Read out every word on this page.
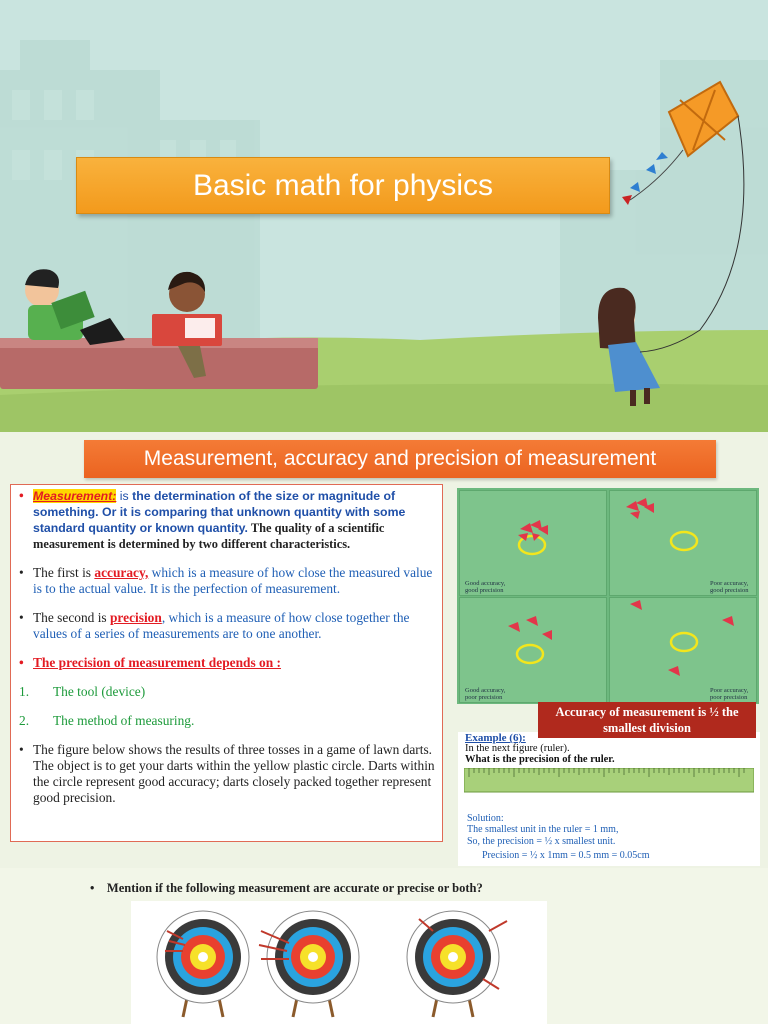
Basic math for physics
Measurement, accuracy and precision of measurement

• Measurement: is the determination of the size or magnitude of something. Or it is comparing that unknown quantity with some standard quantity or known quantity. The quality of a scientific measurement is determined by two different characteristics.

• The first is accuracy, which is a measure of how close the measured value is to the actual value. It is the perfection of measurement.

• The second is precision, which is a measure of how close together the values of a series of measurements are to one another.

• The precision of measurement depends on :

1.	The tool (device)

2.	The method of measuring.

• The figure below shows the results of three tosses in a game of lawn darts. The object is to get your darts within the yellow plastic circle. Darts within the circle represent good accuracy; darts closely packed together represent good precision.

Good accuracy,
good precision
Poor accuracy,
good precision
Good accuracy,
poor precision
Poor accuracy,
poor precision
Example (6):
In the next figure (ruler).
What is the precision of the ruler.
Solution:
The smallest unit in the ruler = 1 mm,
So, the precision = ½ x smallest unit.
Precision = ½ x 1mm = 0.5 mm = 0.05cm
Accuracy of measurement is ½ the smallest division
•    Mention if the following measurement are accurate or precise or both?
